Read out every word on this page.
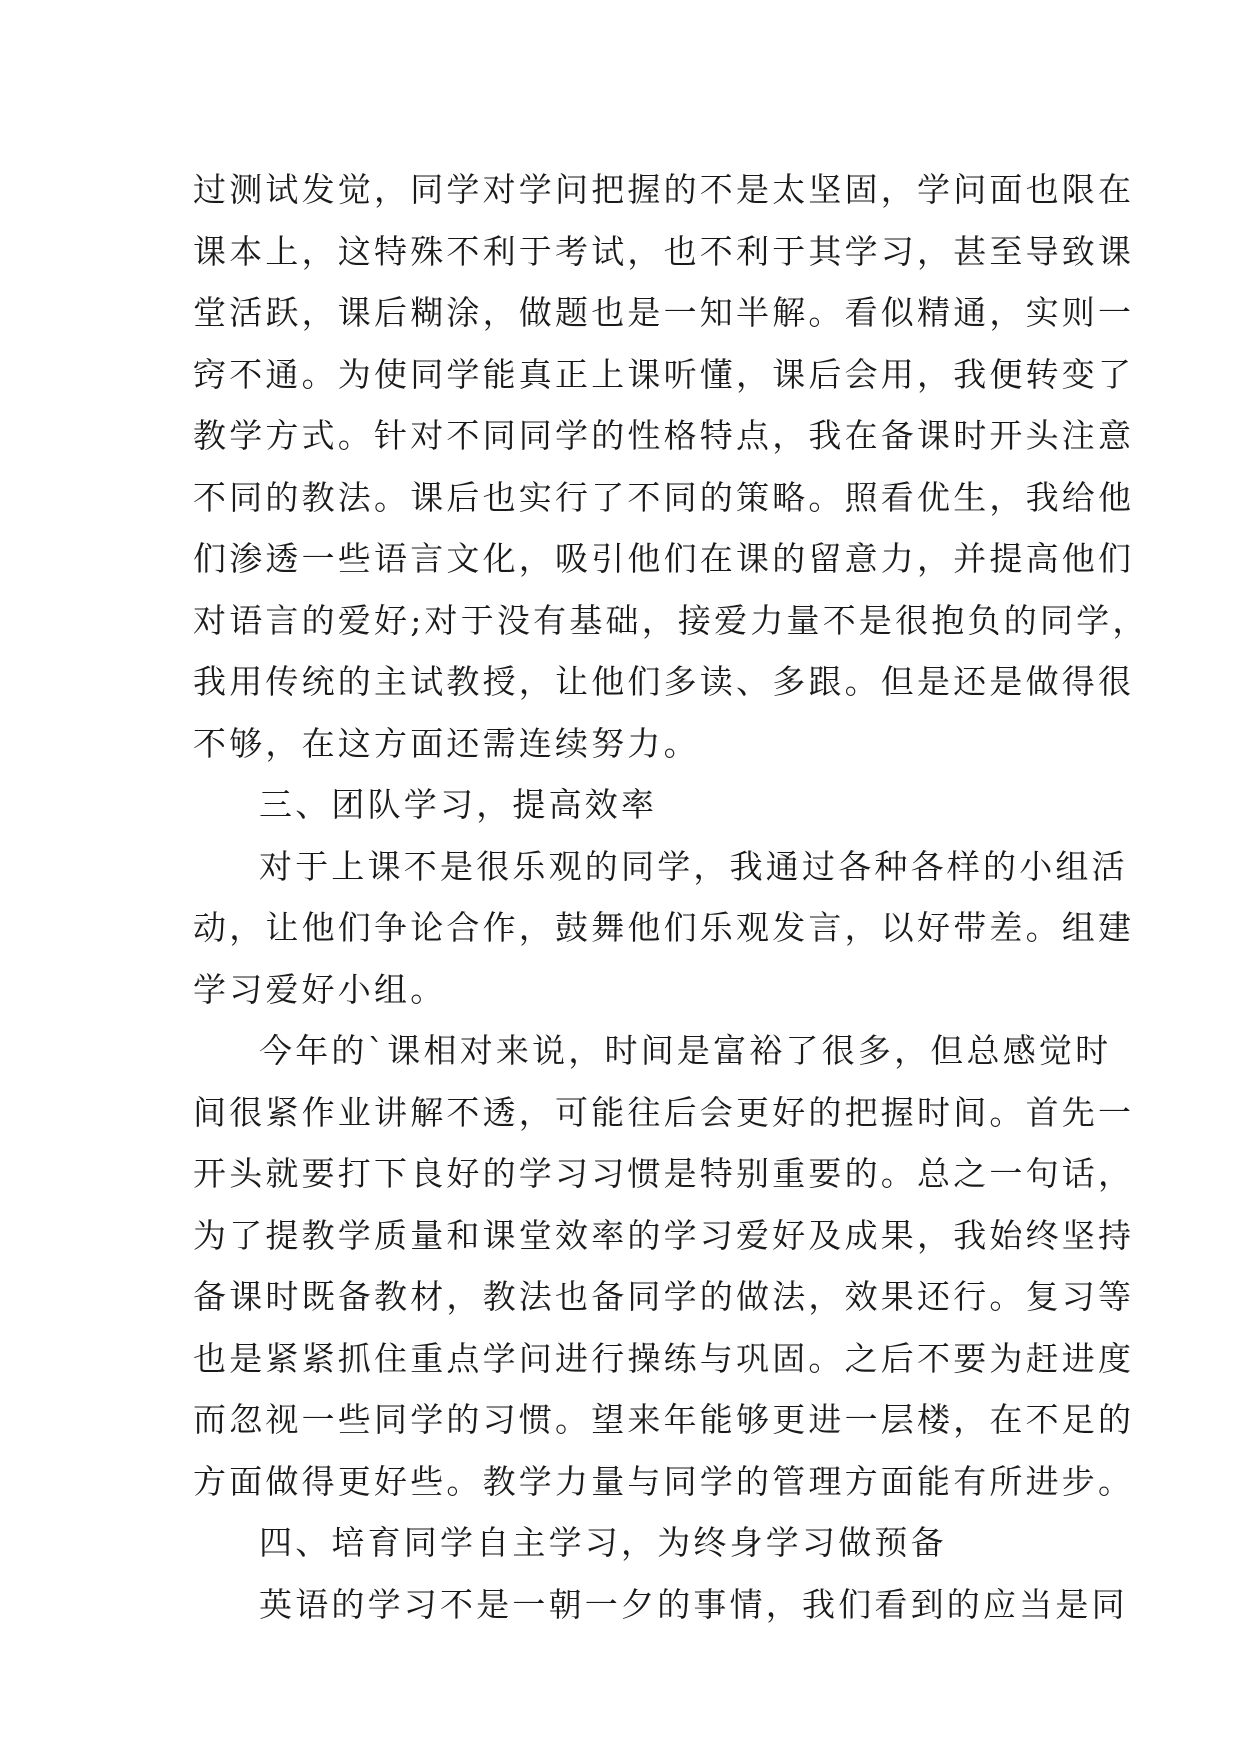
过测试发觉，同学对学问把握的不是太坚固，学问面也限在
课本上，这特殊不利于考试，也不利于其学习，甚至导致课
堂活跃，课后糊涂，做题也是一知半解。看似精通，实则一
窍不通。为使同学能真正上课听懂，课后会用，我便转变了
教学方式。针对不同同学的性格特点，我在备课时开头注意
不同的教法。课后也实行了不同的策略。照看优生，我给他
们渗透一些语言文化，吸引他们在课的留意力，并提高他们
对语言的爱好;对于没有基础，接爱力量不是很抱负的同学，
我用传统的主试教授，让他们多读、多跟。但是还是做得很
不够，在这方面还需连续努力。
三、团队学习，提高效率
对于上课不是很乐观的同学，我通过各种各样的小组活
动，让他们争论合作，鼓舞他们乐观发言，以好带差。组建
学习爱好小组。
今年的`课相对来说，时间是富裕了很多，但总感觉时
间很紧作业讲解不透，可能往后会更好的把握时间。首先一
开头就要打下良好的学习习惯是特别重要的。总之一句话，
为了提教学质量和课堂效率的学习爱好及成果，我始终坚持
备课时既备教材，教法也备同学的做法，效果还行。复习等
也是紧紧抓住重点学问进行操练与巩固。之后不要为赶进度
而忽视一些同学的习惯。望来年能够更进一层楼，在不足的
方面做得更好些。教学力量与同学的管理方面能有所进步。
四、培育同学自主学习，为终身学习做预备
英语的学习不是一朝一夕的事情，我们看到的应当是同
